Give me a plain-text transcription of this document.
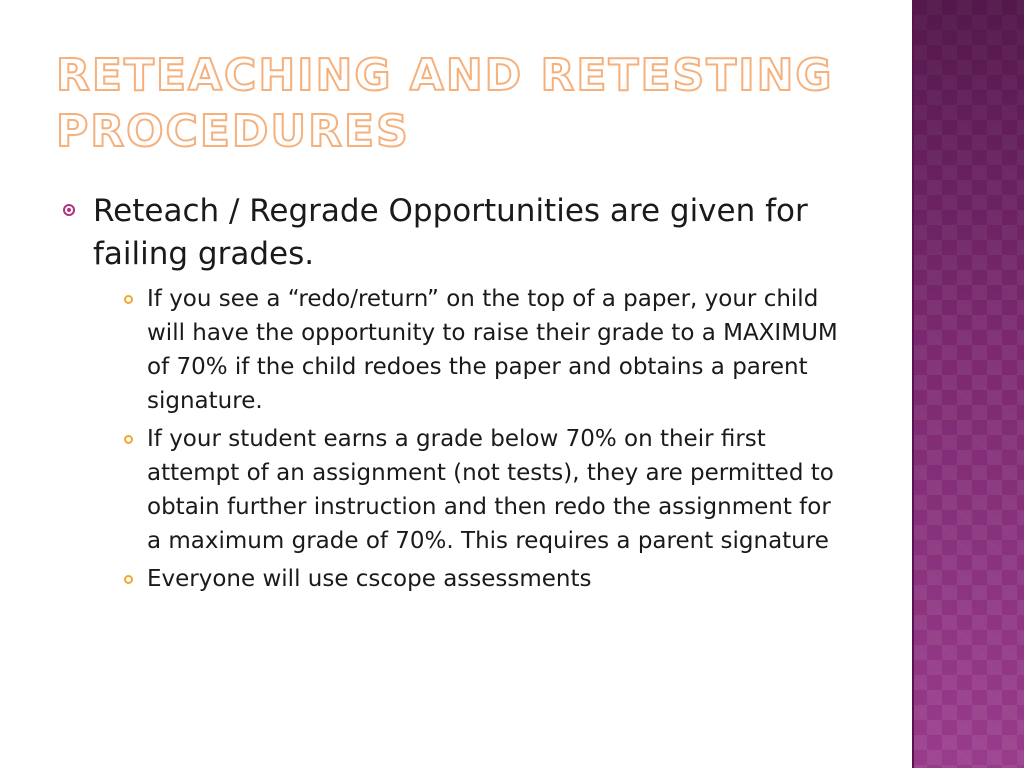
RETEACHING AND RETESTING PROCEDURES
Reteach / Regrade Opportunities are given for failing grades.
If you see a “redo/return” on the top of a paper, your child will have the opportunity to raise their grade to a MAXIMUM of 70% if the child redoes the paper and obtains a parent signature.
If your student earns a grade below 70% on their first attempt of an assignment (not tests), they are permitted to obtain further instruction and then redo the assignment for a maximum grade of 70%. This requires a parent signature
Everyone will use cscope assessments
